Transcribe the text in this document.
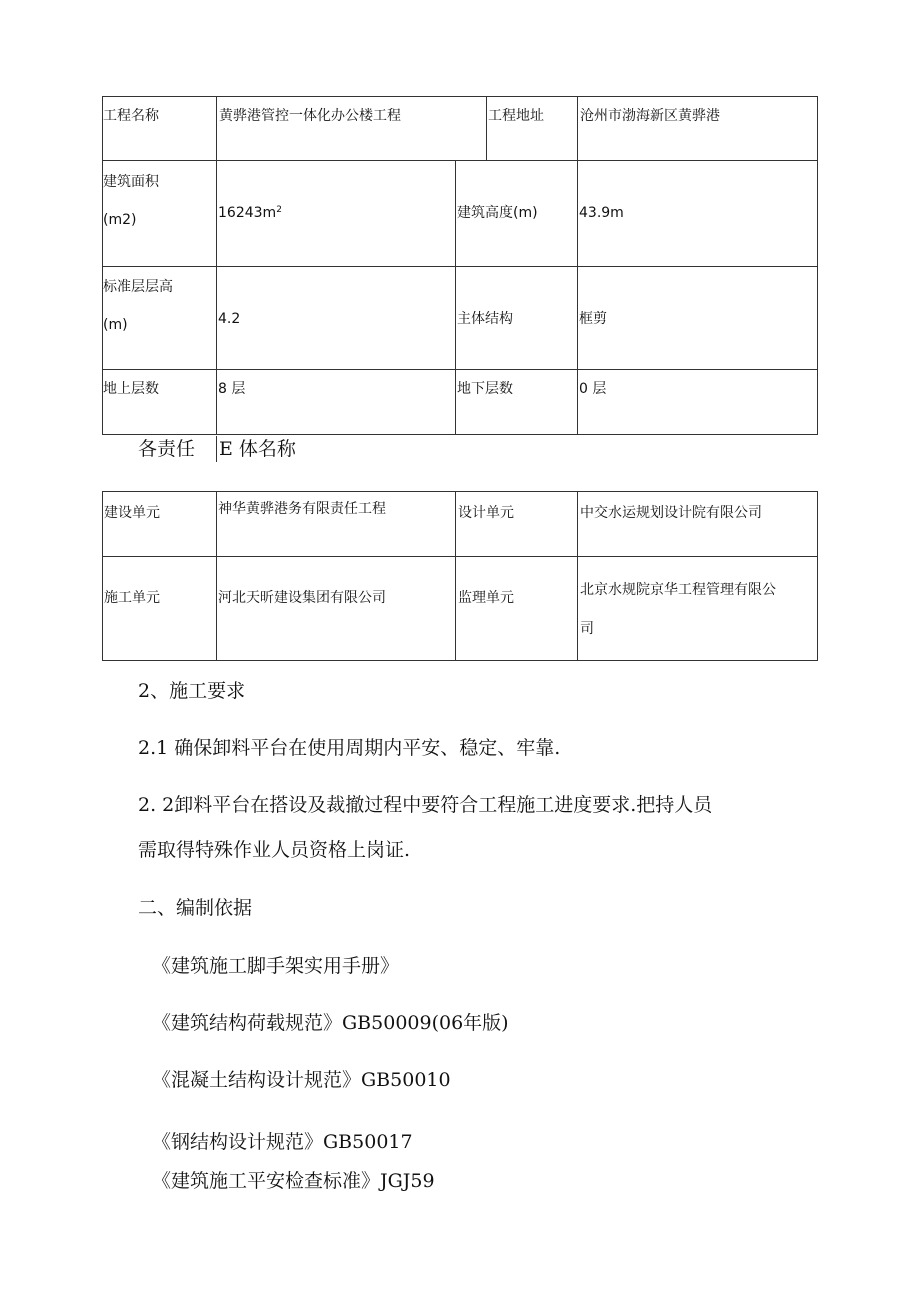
工程名称	黄骅港管控一体化办公楼工程	工程地址	沧州市渤海新区黄骅港
建筑面积
(m2)	$16243m^2$	建筑高度(m)	43.9m
标准层层高
(m)	4.2	主体结构	框剪
地上层数	8 层	地下层数	0 层
各责任 E 体名称
建设单元	神华黄骅港务有限责任工程	设计单元	中交水运规划设计院有限公司
施工单元	河北天昕建设集团有限公司	监理单元	北京水规院京华工程管理有限公
司
2、施工要求
2.1 确保卸料平台在使用周期内平安、稳定、牢靠.
2. 2卸料平台在搭设及裁撤过程中要符合工程施工进度要求.把持人员
需取得特殊作业人员资格上岗证.
二、编制依据
《建筑施工脚手架实用手册》
《建筑结构荷载规范》GB50009(06年版)
《混凝土结构设计规范》GB50010
《钢结构设计规范》GB50017
《建筑施工平安检查标准》JGJ59
